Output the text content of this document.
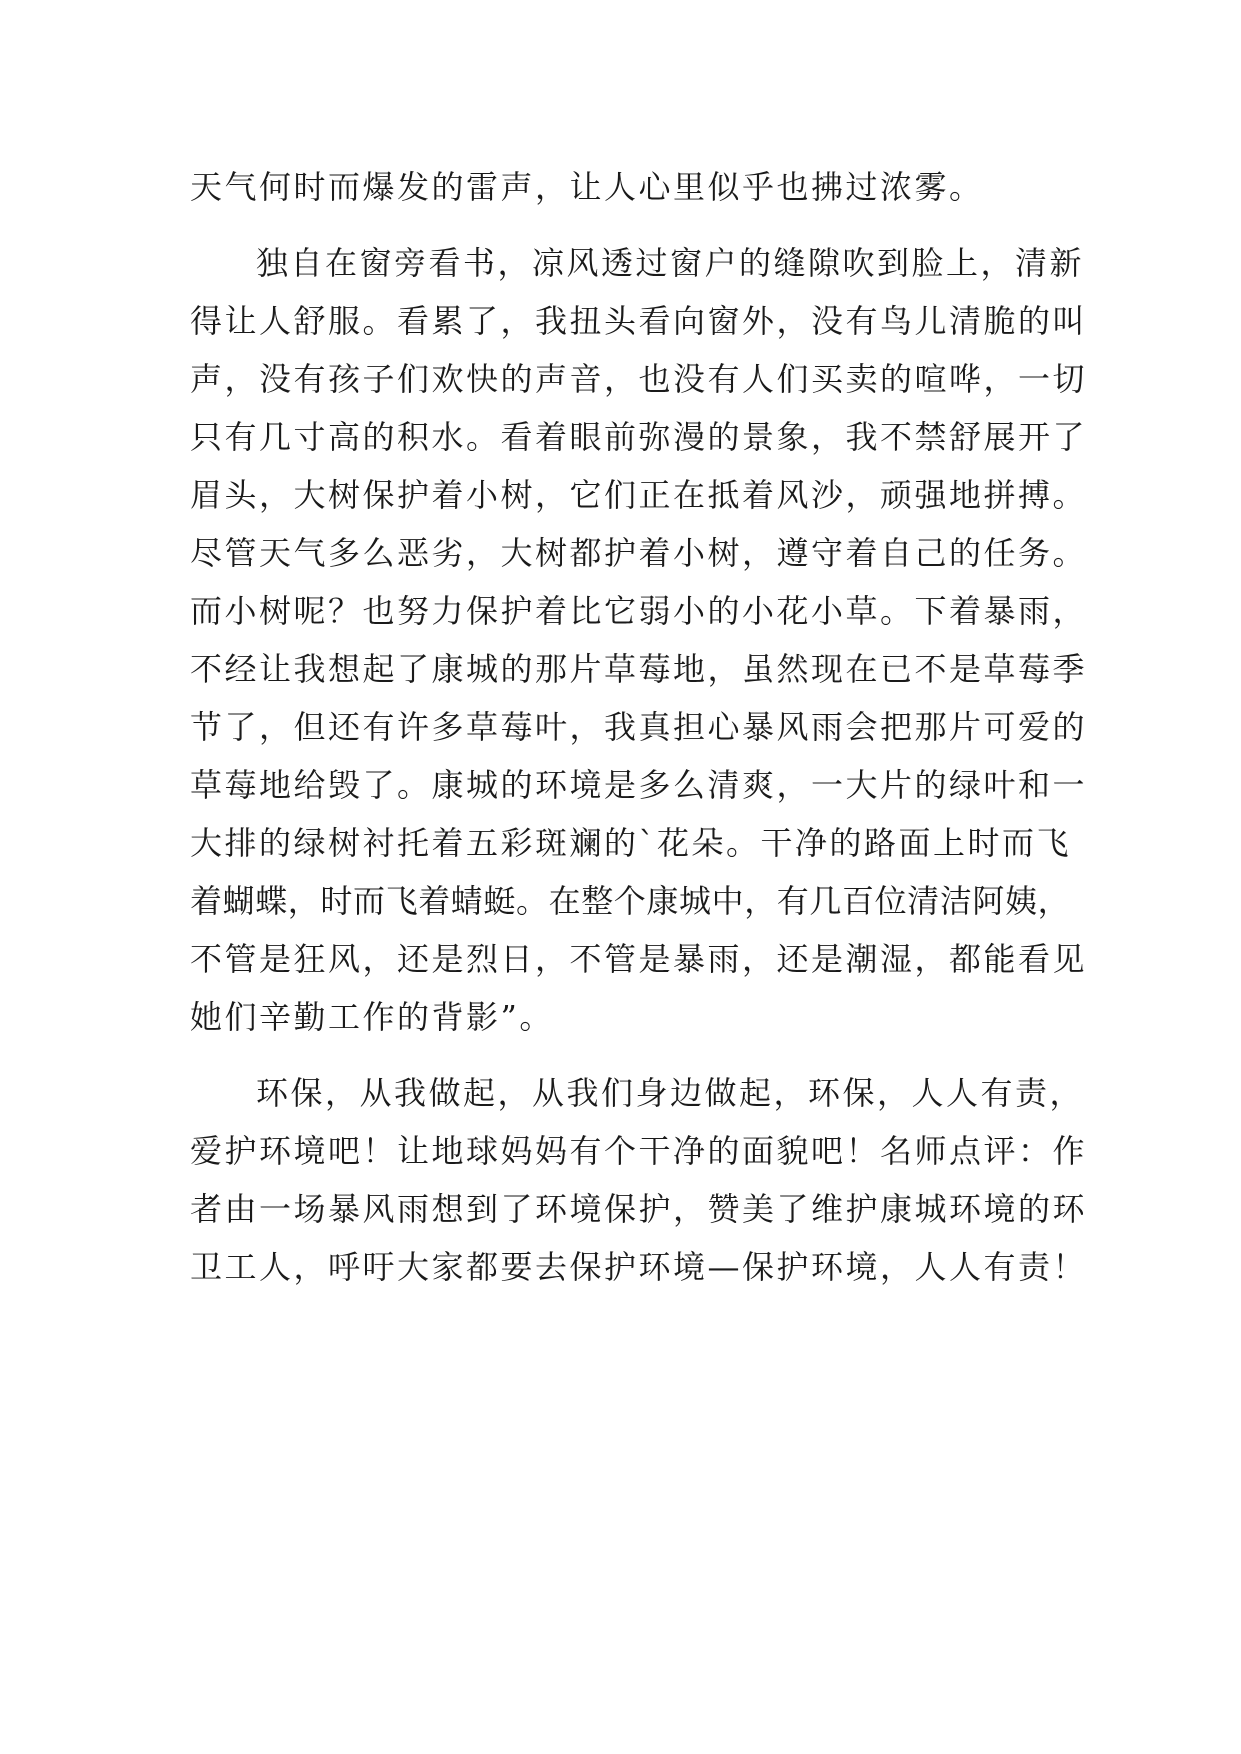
天气何时而爆发的雷声，让人心里似乎也拂过浓雾。
独自在窗旁看书，凉风透过窗户的缝隙吹到脸上，清新
得让人舒服。看累了，我扭头看向窗外，没有鸟儿清脆的叫
声，没有孩子们欢快的声音，也没有人们买卖的喧哗，一切
只有几寸高的积水。看着眼前弥漫的景象，我不禁舒展开了
眉头，大树保护着小树，它们正在抵着风沙，顽强地拼搏。
尽管天气多么恶劣，大树都护着小树，遵守着自己的任务。
而小树呢？也努力保护着比它弱小的小花小草。下着暴雨，
不经让我想起了康城的那片草莓地，虽然现在已不是草莓季
节了，但还有许多草莓叶，我真担心暴风雨会把那片可爱的
草莓地给毁了。康城的环境是多么清爽，一大片的绿叶和一
大排的绿树衬托着五彩斑斓的`花朵。干净的路面上时而飞
着蝴蝶，时而飞着蜻蜓。在整个康城中，有几百位清洁阿姨，
不管是狂风，还是烈日，不管是暴雨，还是潮湿，都能看见
她们辛勤工作的背影”。
环保，从我做起，从我们身边做起，环保，人人有责，
爱护环境吧！让地球妈妈有个干净的面貌吧！名师点评：作
者由一场暴风雨想到了环境保护，赞美了维护康城环境的环
卫工人，呼吁大家都要去保护环境—保护环境，人人有责！
